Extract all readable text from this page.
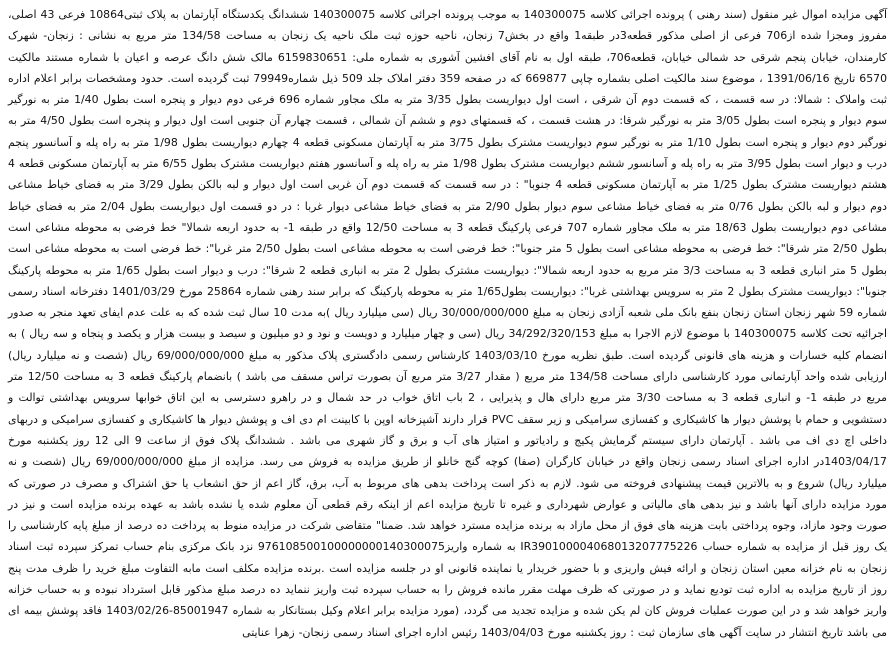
آگهی مزایده اموال غیر منقول (سند رهنی ) پرونده اجرائی کلاسه 140300075 به موجب پرونده اجرائی کلاسه 140300075 ششدانگ یکدستگاه آپارتمان به پلاک ثبتی10864 فرعی 43 اصلی، مفروز ومجزا شده از706 فرعی از اصلی مذکور قطعه3در طبقه1 واقع در بخش7 زنجان، ناحیه حوزه ثبت ملک ناحیه یک زنجان به مساحت 134/58 متر مربع به نشانی : زنجان- شهرک کارمندان، خیابان پنجم شرقی حد شمالی خیابان، قطعه706، طبقه اول به نام آقای افشین آشوری به شماره ملی: 6159830651 مالک شش دانگ عرصه و اعیان با شماره مستند مالکیت 6570 تاریخ 1391/06/16 ، موضوع سند مالکیت اصلی بشماره چاپی 669877 که در صفحه 359 دفتر املاک جلد 509 ذیل شماره79949 ثبت گردیده است. حدود ومشخصات برابر اعلام اداره ثبت واملاک : شمالا: در سه قسمت ، که قسمت دوم آن شرقی ، است اول دیواریست بطول 3/35 متر به ملک مجاور شماره 696 فرعی دوم دیوار و پنجره است بطول 1/40 متر به نورگیر سوم دیوار و پنجره است بطول 3/05 متر به نورگیر شرقا: در هشت قسمت ، که قسمتهای دوم و ششم آن شمالی ، قسمت چهارم آن جنوبی است اول دیوار و پنجره است بطول 4/50 متر به نورگیر دوم دیوار و پنجره است بطول 1/10 متر به نورگیر سوم دیواریست مشترک بطول 3/75 متر به آپارتمان مسکونی قطعه 4 چهارم دیواریست بطول 1/98 متر به راه پله و آسانسور پنجم درب و دیوار است بطول 3/95 متر به راه پله و آسانسور ششم دیواریست مشترک بطول 1/98 متر به راه پله و آسانسور هفتم دیواریست مشترک بطول 6/55 متر به آپارتمان مسکونی قطعه 4 هشتم دیواریست مشترک بطول 1/25 متر به آپارتمان مسکونی قطعه 4 جنوبا" : در سه قسمت که قسمت دوم آن غربی است اول دیوار و لبه بالکن بطول 3/29 متر به فضای خیاط مشاعی دوم دیوار و لبه بالکن بطول 0/76 متر به فضای خیاط مشاعی سوم دیوار بطول 2/90 متر به فضای خیاط مشاعی دیوار غربا : در دو قسمت اول دیواریست بطول 2/04 متر به فضای خیاط مشاعی دوم دیواریست بطول 18/63 متر به ملک مجاور شماره 707 فرعی پارکینگ قطعه 3 به مساحت 12/50 واقع در طبقه 1- به حدود اربعه شمالا" خط فرضی به محوطه مشاعی است بطول 2/50 متر شرقا": خط فرضی به محوطه مشاعی است بطول 5 متر جنوبا": خط فرضی است به محوطه مشاعی است بطول 2/50 متر غربا": خط فرضی است به محوطه مشاعی است بطول 5 متر انباری قطعه 3 به مساحت 3/3 متر مربع به حدود اربعه شمالا": دیواریست مشترک بطول 2 متر به انباری قطعه 2 شرقا": درب و دیوار است بطول 1/65 متر به محوطه پارکینگ جنوبا": دیواریست مشترک بطول 2 متر به سرویس بهداشتی غربا": دیواریست بطول1/65 متر به محوطه پارکینگ که برابر سند رهنی شماره 25864 مورخ 1401/03/29 دفترخانه اسناد رسمی شماره 59 شهر زنجان استان زنجان بنفع بانک ملی شعبه آزادی زنجان به مبلغ 30/000/000/000 ریال (سی میلیارد ریال )به مدت 10 سال ثبت شده که به علت عدم ایفای تعهد منجر به صدور اجرائیه تحت کلاسه 140300075 با موضوع لازم الاجرا به مبلغ 34/292/320/153 ریال (سی و چهار میلیارد و دویست و نود و دو میلیون و سیصد و بیست هزار و یکصد و پنجاه و سه ریال ) به انضمام کلیه خسارات و هزینه های قانونی گردیده است. طبق نظریه مورخ 1403/03/10 کارشناس رسمی دادگستری پلاک مذکور به مبلغ 69/000/000/000 ریال (شصت و نه میلیارد ریال) ارزیابی شده واحد آپارتمانی مورد کارشناسی دارای مساحت 134/58 متر مربع ( مقدار 3/27 متر مربع آن بصورت تراس مسقف می باشد ) بانضمام پارکینگ قطعه 3 به مساحت 12/50 متر مربع در طبقه 1- و انباری قطعه 3 به مساحت 3/30 متر مربع دارای هال و پذیرایی ، 2 باب اتاق خواب در حد شمال و در راهرو دسترسی به این اتاق خوابها سرویس بهداشتی توالت و دستشویی و حمام با پوشش دیوار ها کاشیکاری و کفسازی سرامیکی و زیر سقف PVC قرار دارند آشپزخانه اوپن با کابینت ام دی اف و پوشش دیوار ها کاشیکاری و کفسازی سرامیکی و دربهای داخلی اچ دی اف می باشد . آپارتمان دارای سیستم گرمایش پکیج و رادیاتور و امتیاز های آب و برق و گاز شهری می باشد . ششدانگ پلاک فوق از ساعت 9 الی 12 روز یکشنبه مورخ 1403/04/17در اداره اجرای اسناد رسمی زنجان واقع در خیابان کارگران (صفا) کوچه گنج خانلو از طریق مزایده به فروش می رسد. مزایده از مبلغ 69/000/000/000 ریال (شصت و نه میلیارد ریال) شروع و به بالاترین قیمت پیشنهادی فروخته می شود. لازم به ذکر است پرداخت بدهی های مربوط به آب، برق، گاز اعم از حق انشعاب یا حق اشتراک و مصرف در صورتی که مورد مزایده دارای آنها باشد و نیز بدهی های مالیاتی و عوارض شهرداری و غیره تا تاریخ مزایده اعم از اینکه رقم قطعی آن معلوم شده یا نشده باشد به عهده برنده مزایده است و نیز در صورت وجود مازاد، وجوه پرداختی بابت هزینه های فوق از محل مازاد به برنده مزایده مسترد خواهد شد. ضمنا" متقاضی شرکت در مزایده منوط به پرداخت ده درصد از مبلغ پایه کارشناسی را یک روز قبل از مزایده به شماره حساب IR390100004068013207775226 به شماره واریز976108500100000000140300075 نزد بانک مرکزی بنام حساب تمرکز سپرده ثبت اسناد زنجان به نام خزانه معین استان زنجان و ارائه فیش واریزی و با حضور خریدار یا نماینده قانونی او در جلسه مزایده است .برنده مزایده مکلف است مابه التفاوت مبلغ خرید را ظرف مدت پنج روز از تاریخ مزایده به اداره ثبت تودیع نماید و در صورتی که ظرف مهلت مقرر مانده فروش را به حساب سپرده ثبت واریز ننماید ده درصد مبلغ مذکور قابل استرداد نبوده و به حساب خزانه واریز خواهد شد و در این صورت عملیات فروش کان لم یکن شده و مزایده تجدید می گردد، (مورد مزایده برابر اعلام وکیل بستانکار به شماره 85001947-1403/02/26 فاقد پوشش بیمه ای می باشد تاریخ انتشار در سایت آگهی های سازمان ثبت : روز یکشنبه مورخ 1403/04/03 رئیس اداره اجرای اسناد رسمی زنجان- زهرا عنایتی
